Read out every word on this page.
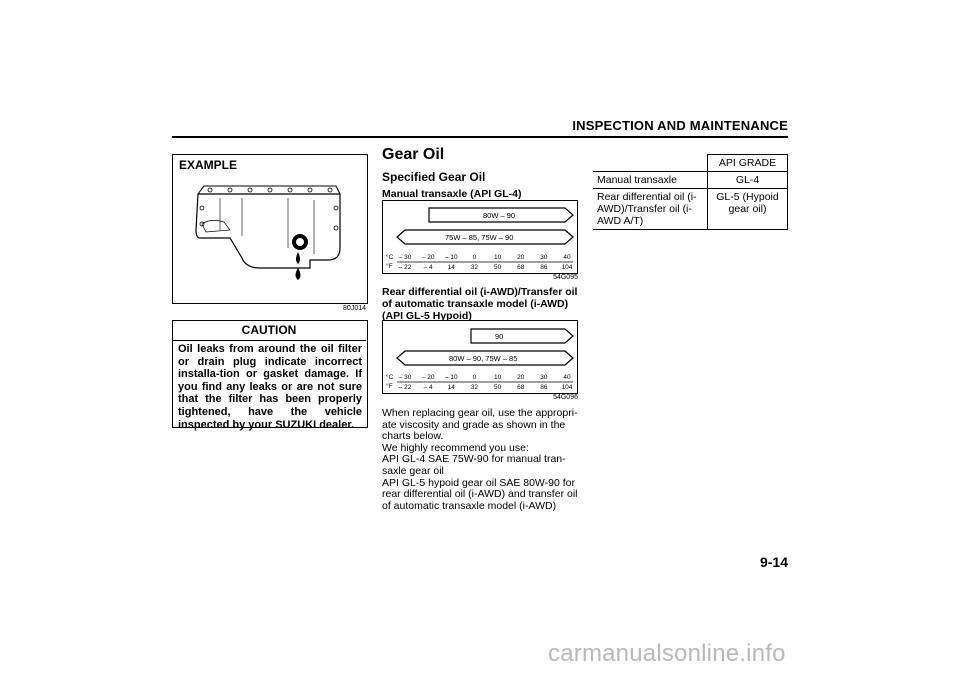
INSPECTION AND MAINTENANCE
EXAMPLE
80J014
CAUTION
Oil leaks from around the oil filter or drain plug indicate incorrect installa-tion or gasket damage. If you find any leaks or are not sure that the filter has been properly tightened, have the vehicle inspected by your SUZUKI dealer.
Gear Oil
Specified Gear Oil
Manual transaxle (API GL-4)
80W – 90
75W – 85, 75W – 90
°C
°F
– 30
– 22
– 20
– 4
– 10
14
0
32
10
50
20
68
30
86
40
104
54G095
Rear differential oil (i-AWD)/Transfer oil of automatic transaxle model (i-AWD) (API GL-5 Hypoid)
90
80W – 90, 75W – 85
°C
°F
– 30
– 22
– 20
– 4
– 10
14
0
32
10
50
20
68
30
86
40
104
54G096
When replacing gear oil, use the appropri-
ate viscosity and grade as shown in the
charts below.
We highly recommend you use:
API GL-4 SAE 75W-90 for manual tran-
saxle gear oil
API GL-5 hypoid gear oil SAE 80W-90 for
rear differential oil (i-AWD) and transfer oil
of automatic transaxle model (i-AWD)
	API GRADE
Manual transaxle	GL-4
Rear differential oil (i-AWD)/Transfer oil (i-AWD A/T)	GL-5 (Hypoid gear oil)
9-14
carmanualsonline.info
